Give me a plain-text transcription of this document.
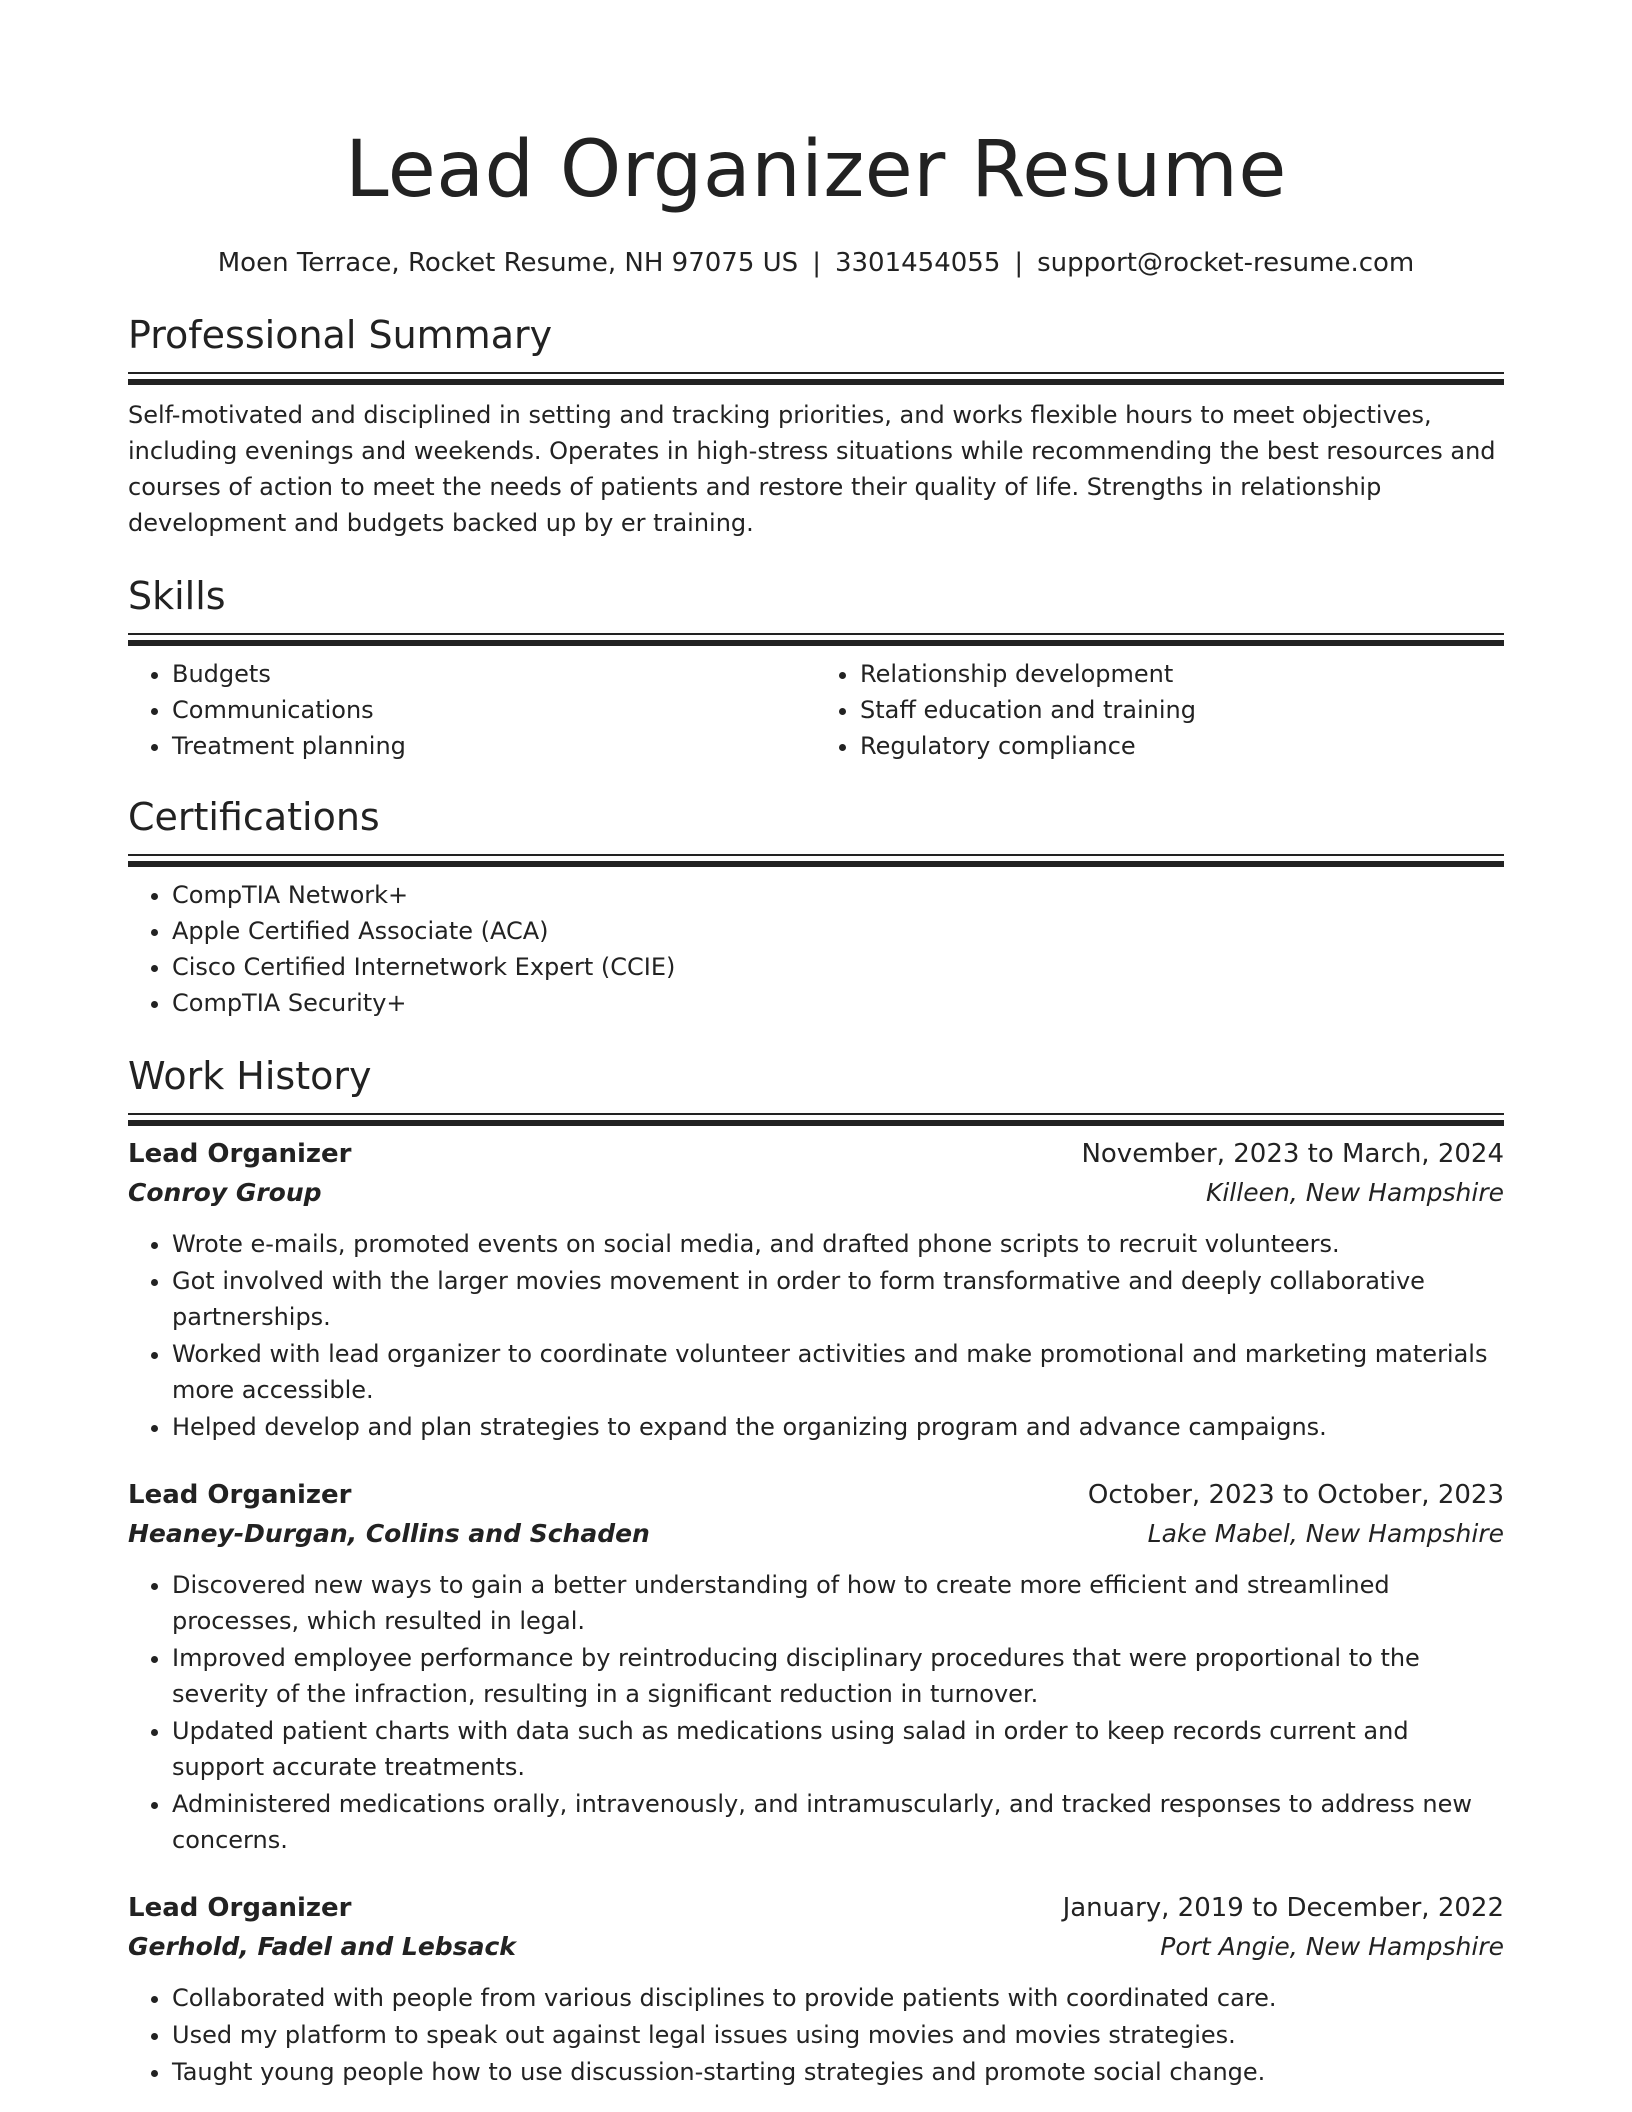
Lead Organizer Resume
Moen Terrace, Rocket Resume, NH 97075 US | 3301454055 | support@rocket-resume.com
Professional Summary

Self-motivated and disciplined in setting and tracking priorities, and works flexible hours to meet objectives, including evenings and weekends. Operates in high-stress situations while recommending the best resources and courses of action to meet the needs of patients and restore their quality of life. Strengths in relationship development and budgets backed up by er training.

Skills
• Budgets
• Communications
• Treatment planning
• Relationship development
• Staff education and training
• Regulatory compliance
Certifications
• CompTIA Network+
• Apple Certified Associate (ACA)
• Cisco Certified Internetwork Expert (CCIE)
• CompTIA Security+
Work History
Lead Organizer	November, 2023 to March, 2024
Conroy Group	Killeen, New Hampshire
• Wrote e-mails, promoted events on social media, and drafted phone scripts to recruit volunteers.
• Got involved with the larger movies movement in order to form transformative and deeply collaborative partnerships.
• Worked with lead organizer to coordinate volunteer activities and make promotional and marketing materials more accessible.
• Helped develop and plan strategies to expand the organizing program and advance campaigns.
Lead Organizer	October, 2023 to October, 2023
Heaney-Durgan, Collins and Schaden	Lake Mabel, New Hampshire
• Discovered new ways to gain a better understanding of how to create more efficient and streamlined processes, which resulted in legal.
• Improved employee performance by reintroducing disciplinary procedures that were proportional to the severity of the infraction, resulting in a significant reduction in turnover.
• Updated patient charts with data such as medications using salad in order to keep records current and support accurate treatments.
• Administered medications orally, intravenously, and intramuscularly, and tracked responses to address new concerns.
Lead Organizer	January, 2019 to December, 2022
Gerhold, Fadel and Lebsack	Port Angie, New Hampshire
• Collaborated with people from various disciplines to provide patients with coordinated care.
• Used my platform to speak out against legal issues using movies and movies strategies.
• Taught young people how to use discussion-starting strategies and promote social change.
